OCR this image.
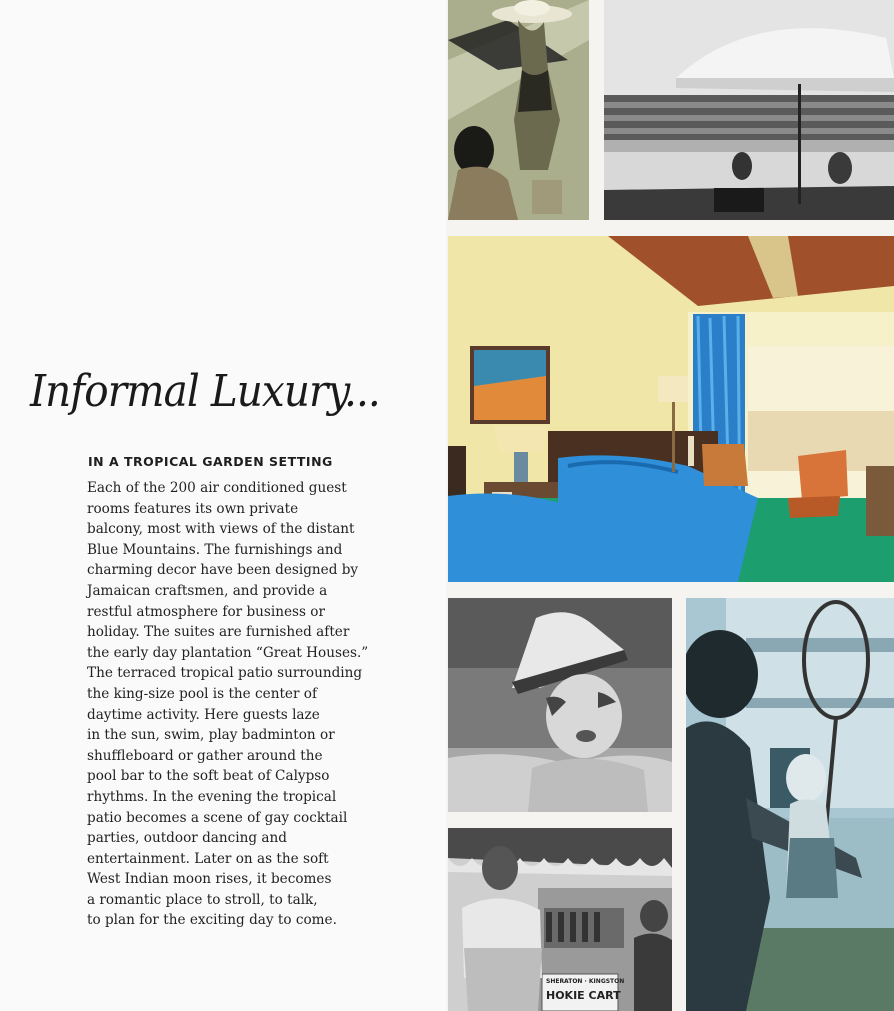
Informal Luxury...
IN A TROPICAL GARDEN SETTING
Each of the 200 air conditioned guest
rooms features its own private
balcony, most with views of the distant
Blue Mountains. The furnishings and
charming decor have been designed by
Jamaican craftsmen, and provide a
restful atmosphere for business or
holiday. The suites are furnished after
the early day plantation “Great Houses.”
The terraced tropical patio surrounding
the king-size pool is the center of
daytime activity. Here guests laze
in the sun, swim, play badminton or
shuffleboard or gather around the
pool bar to the soft beat of Calypso
rhythms. In the evening the tropical
patio becomes a scene of gay cocktail
parties, outdoor dancing and
entertainment. Later on as the soft
West Indian moon rises, it becomes
a romantic place to stroll, to talk,
to plan for the exciting day to come.
SHERATON · KINGSTON
HOKIE CART
